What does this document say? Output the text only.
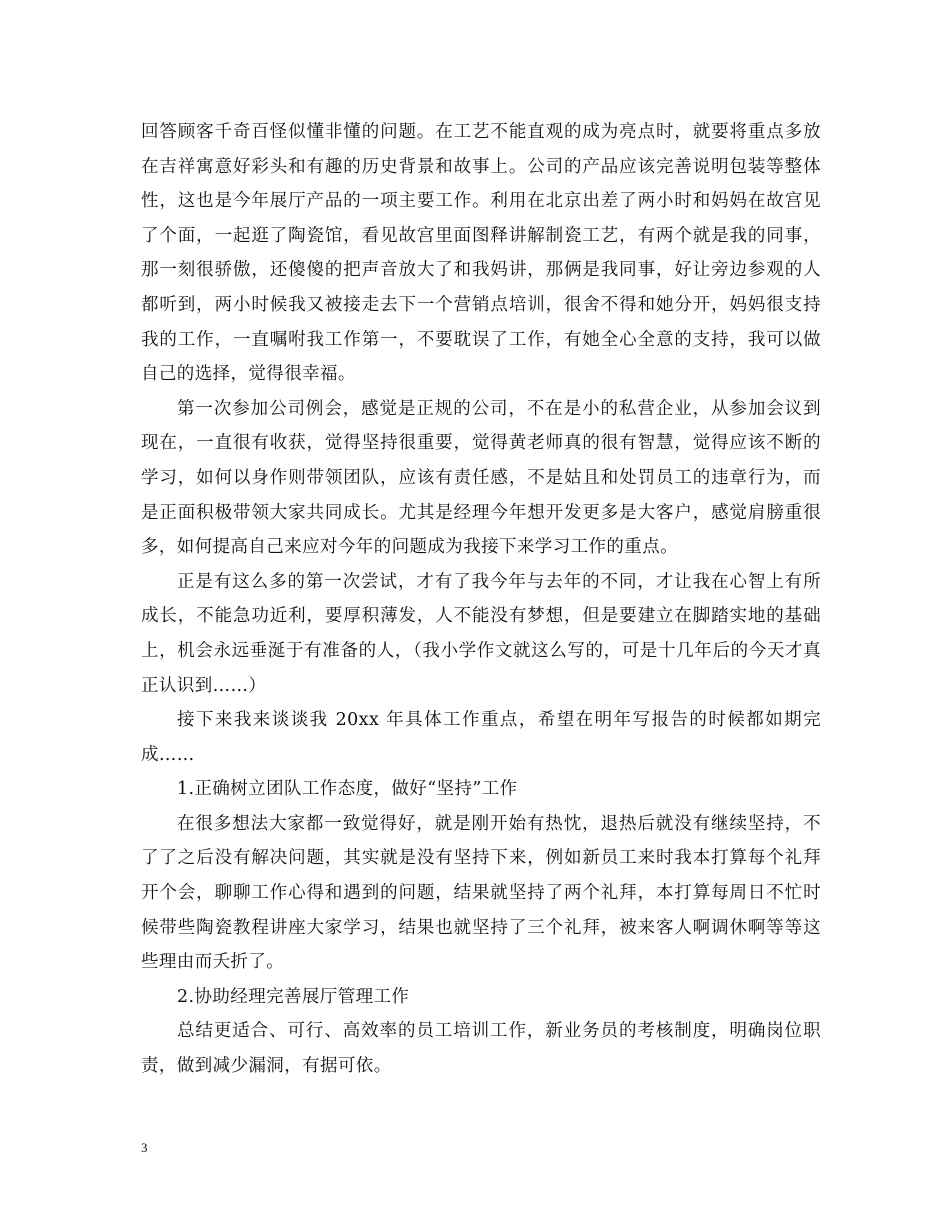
回答顾客千奇百怪似懂非懂的问题。在工艺不能直观的成为亮点时，就要将重点多放在吉祥寓意好彩头和有趣的历史背景和故事上。公司的产品应该完善说明包装等整体性，这也是今年展厅产品的一项主要工作。利用在北京出差了两小时和妈妈在故宫见了个面，一起逛了陶瓷馆，看见故宫里面图释讲解制瓷工艺，有两个就是我的同事，那一刻很骄傲，还傻傻的把声音放大了和我妈讲，那俩是我同事，好让旁边参观的人都听到，两小时候我又被接走去下一个营销点培训，很舍不得和她分开，妈妈很支持我的工作，一直嘱咐我工作第一，不要耽误了工作，有她全心全意的支持，我可以做自己的选择，觉得很幸福。

第一次参加公司例会，感觉是正规的公司，不在是小的私营企业，从参加会议到现在，一直很有收获，觉得坚持很重要，觉得黄老师真的很有智慧，觉得应该不断的学习，如何以身作则带领团队，应该有责任感，不是姑且和处罚员工的违章行为，而是正面积极带领大家共同成长。尤其是经理今年想开发更多是大客户，感觉肩膀重很多，如何提高自己来应对今年的问题成为我接下来学习工作的重点。

正是有这么多的第一次尝试，才有了我今年与去年的不同，才让我在心智上有所成长，不能急功近利，要厚积薄发，人不能没有梦想，但是要建立在脚踏实地的基础上，机会永远垂涎于有准备的人，（我小学作文就这么写的，可是十几年后的今天才真正认识到……）

接下来我来谈谈我 20xx 年具体工作重点，希望在明年写报告的时候都如期完成……

1.正确树立团队工作态度，做好“坚持”工作

在很多想法大家都一致觉得好，就是刚开始有热忱，退热后就没有继续坚持，不了了之后没有解决问题，其实就是没有坚持下来，例如新员工来时我本打算每个礼拜开个会，聊聊工作心得和遇到的问题，结果就坚持了两个礼拜，本打算每周日不忙时候带些陶瓷教程讲座大家学习，结果也就坚持了三个礼拜，被来客人啊调休啊等等这些理由而夭折了。

2.协助经理完善展厅管理工作

总结更适合、可行、高效率的员工培训工作，新业务员的考核制度，明确岗位职责，做到减少漏洞，有据可依。

3
